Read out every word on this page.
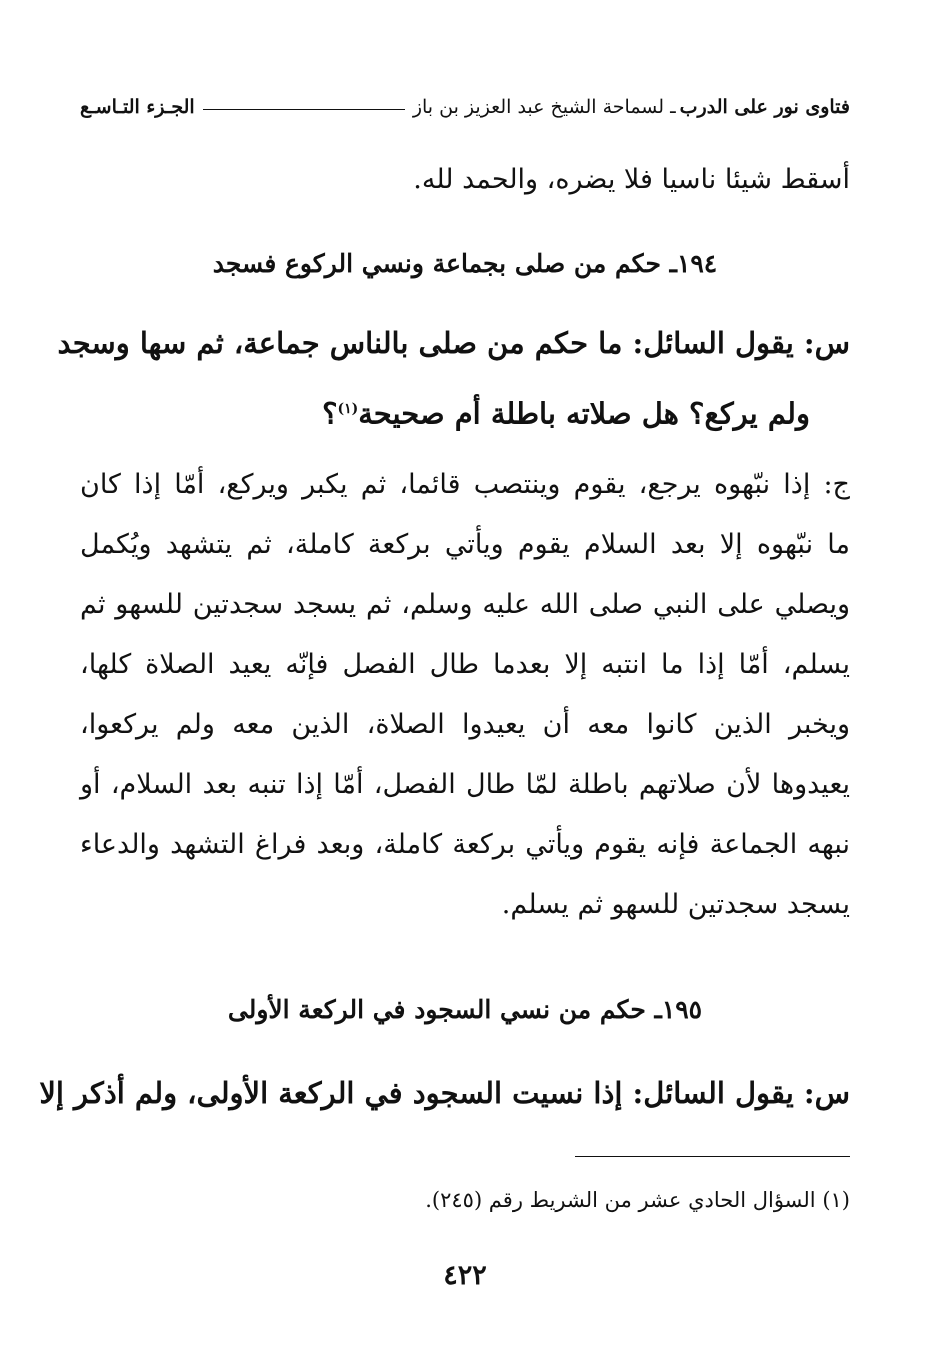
فتاوى نور على الدرب
ـ لسماحة الشيخ عبد العزيز بن باز
الجـزء التـاسـع
أسقط شيئا ناسيا فلا يضره، والحمد لله.
١٩٤ـ حكم من صلى بجماعة ونسي الركوع فسجد
س: يقول السائل: ما حكم من صلى بالناس جماعة، ثم سها وسجد
ولم يركع؟ هل صلاته باطلة أم صحيحة$^{(١)}$؟
ج: إذا نبّهوه يرجع، يقوم وينتصب قائما، ثم يكبر ويركع، أمّا إذا كان
ما نبّهوه إلا بعد السلام يقوم ويأتي بركعة كاملة، ثم يتشهد ويُكمل
ويصلي على النبي صلى الله عليه وسلم، ثم يسجد سجدتين للسهو ثم
يسلم، أمّا إذا ما انتبه إلا بعدما طال الفصل فإنّه يعيد الصلاة كلها،
ويخبر الذين كانوا معه أن يعيدوا الصلاة، الذين معه ولم يركعوا،
يعيدوها لأن صلاتهم باطلة لمّا طال الفصل، أمّا إذا تنبه بعد السلام، أو
نبهه الجماعة فإنه يقوم ويأتي بركعة كاملة، وبعد فراغ التشهد والدعاء
يسجد سجدتين للسهو ثم يسلم.
١٩٥ـ حكم من نسي السجود في الركعة الأولى
س: يقول السائل: إذا نسيت السجود في الركعة الأولى، ولم أذكر إلا
(١) السؤال الحادي عشر من الشريط رقم (٢٤٥).
٤٢٢
